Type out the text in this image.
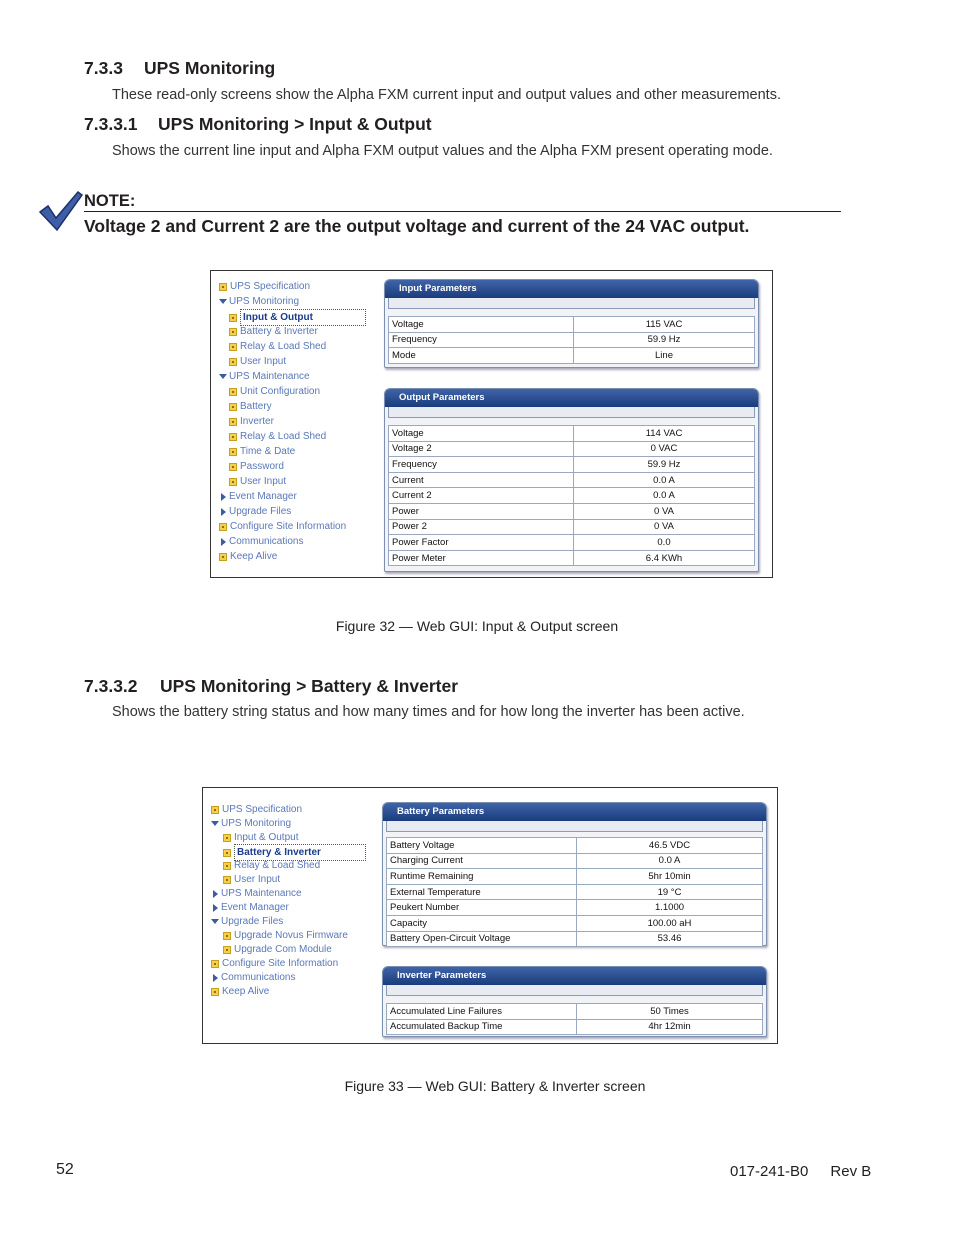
7.3.3 UPS Monitoring
These read-only screens show the Alpha FXM current input and output values and other measurements.
7.3.3.1 UPS Monitoring > Input & Output
Shows the current line input and Alpha FXM output values and the Alpha FXM present operating mode.
NOTE:
Voltage 2 and Current 2 are the output voltage and current of the 24 VAC output.
UPS Specification
UPS Monitoring
Input & Output
Battery & Inverter
Relay & Load Shed
User Input
UPS Maintenance
Unit Configuration
Battery
Inverter
Relay & Load Shed
Time & Date
Password
User Input
Event Manager
Upgrade Files
Configure Site Information
Communications
Keep Alive
Input Parameters
Voltage	115 VAC
Frequency	59.9 Hz
Mode	Line
Output Parameters
Voltage	114 VAC
Voltage 2	0 VAC
Frequency	59.9 Hz
Current	0.0 A
Current 2	0.0 A
Power	0 VA
Power 2	0 VA
Power Factor	0.0
Power Meter	6.4 KWh
Figure 32 — Web GUI: Input & Output screen
7.3.3.2 UPS Monitoring > Battery & Inverter
Shows the battery string status and how many times and for how long the inverter has been active.
UPS Specification
UPS Monitoring
Input & Output
Battery & Inverter
Relay & Load Shed
User Input
UPS Maintenance
Event Manager
Upgrade Files
Upgrade Novus Firmware
Upgrade Com Module
Configure Site Information
Communications
Keep Alive
Battery Parameters
Battery Voltage	46.5 VDC
Charging Current	0.0 A
Runtime Remaining	5hr 10min
External Temperature	19 °C
Peukert Number	1.1000
Capacity	100.00 aH
Battery Open-Circuit Voltage	53.46
Inverter Parameters
Accumulated Line Failures	50 Times
Accumulated Backup Time	4hr 12min
Figure 33 — Web GUI: Battery & Inverter screen
52	017-241-B0 Rev B
